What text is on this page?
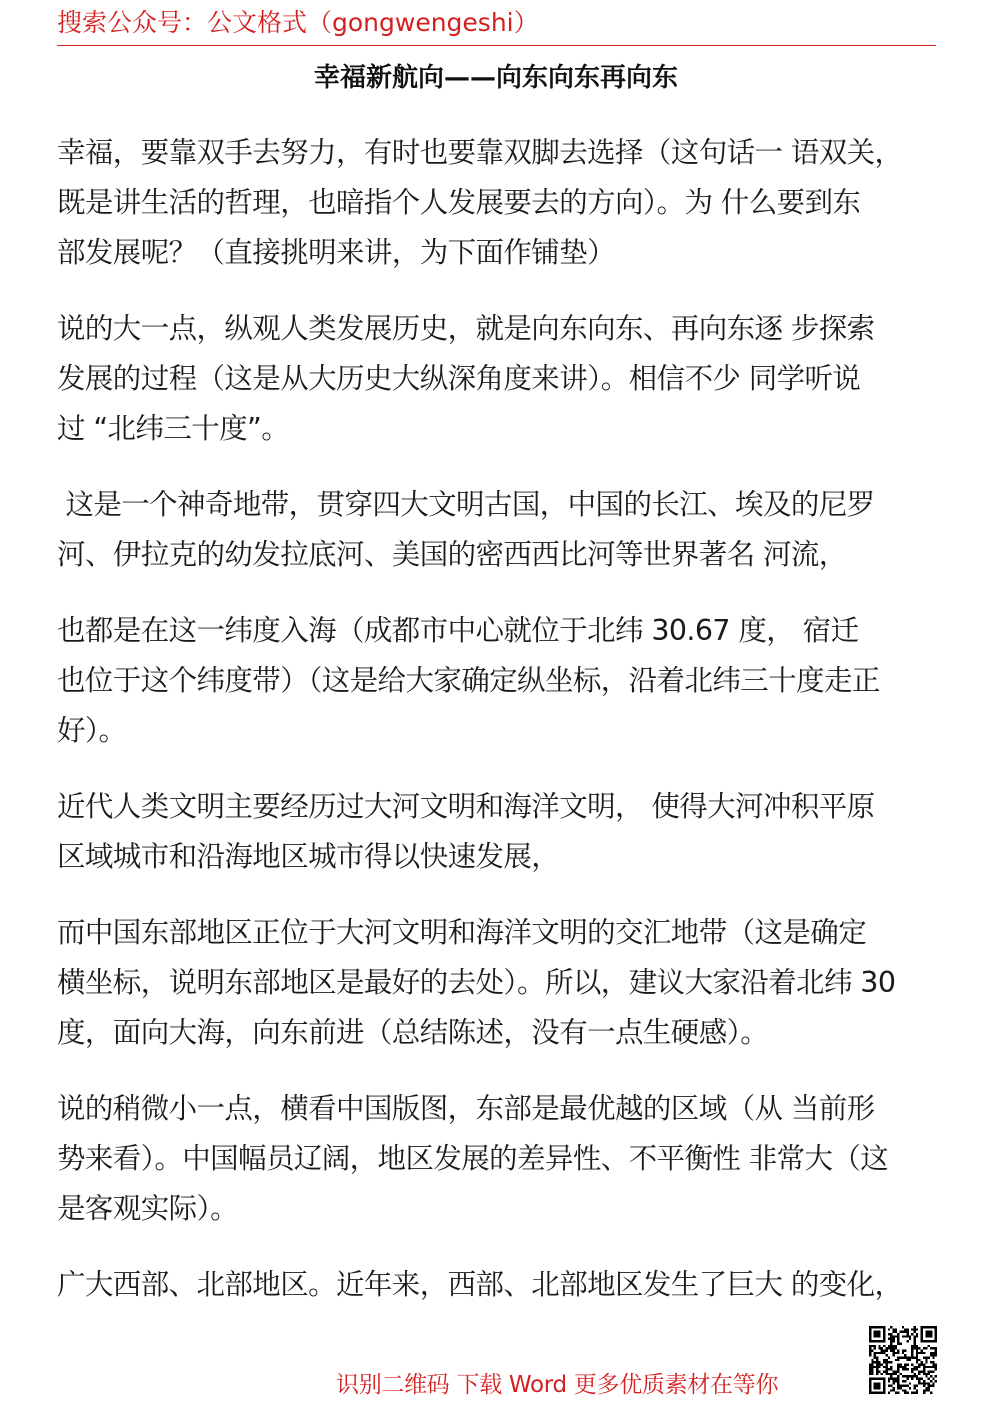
搜索公众号：公文格式（gongwengeshi）
幸福新航向——向东向东再向东

幸福，要靠双手去努力，有时也要靠双脚去选择（这句话一 语双关，
既是讲生活的哲理，也暗指个人发展要去的方向）。为 什么要到东
部发展呢？（直接挑明来讲，为下面作铺垫）

说的大一点，纵观人类发展历史，就是向东向东、再向东逐 步探索
发展的过程（这是从大历史大纵深角度来讲）。相信不少 同学听说
过 “北纬三十度”。

这是一个神奇地带，贯穿四大文明古国，中国的长江、埃及的尼罗
河、伊拉克的幼发拉底河、美国的密西西比河等世界著名 河流，

也都是在这一纬度入海（成都市中心就位于北纬 30.67 度， 宿迁
也位于这个纬度带）（这是给大家确定纵坐标，沿着北纬三十度走正
好）。

近代人类文明主要经历过大河文明和海洋文明， 使得大河冲积平原
区域城市和沿海地区城市得以快速发展，

而中国东部地区正位于大河文明和海洋文明的交汇地带（这是确定
横坐标，说明东部地区是最好的去处）。所以，建议大家沿着北纬 30
度，面向大海，向东前进（总结陈述，没有一点生硬感）。

说的稍微小一点，横看中国版图，东部是最优越的区域（从 当前形
势来看）。中国幅员辽阔，地区发展的差异性、不平衡性 非常大（这
是客观实际）。

广大西部、北部地区。近年来，西部、北部地区发生了巨大 的变化，

识别二维码 下载 Word 更多优质素材在等你
